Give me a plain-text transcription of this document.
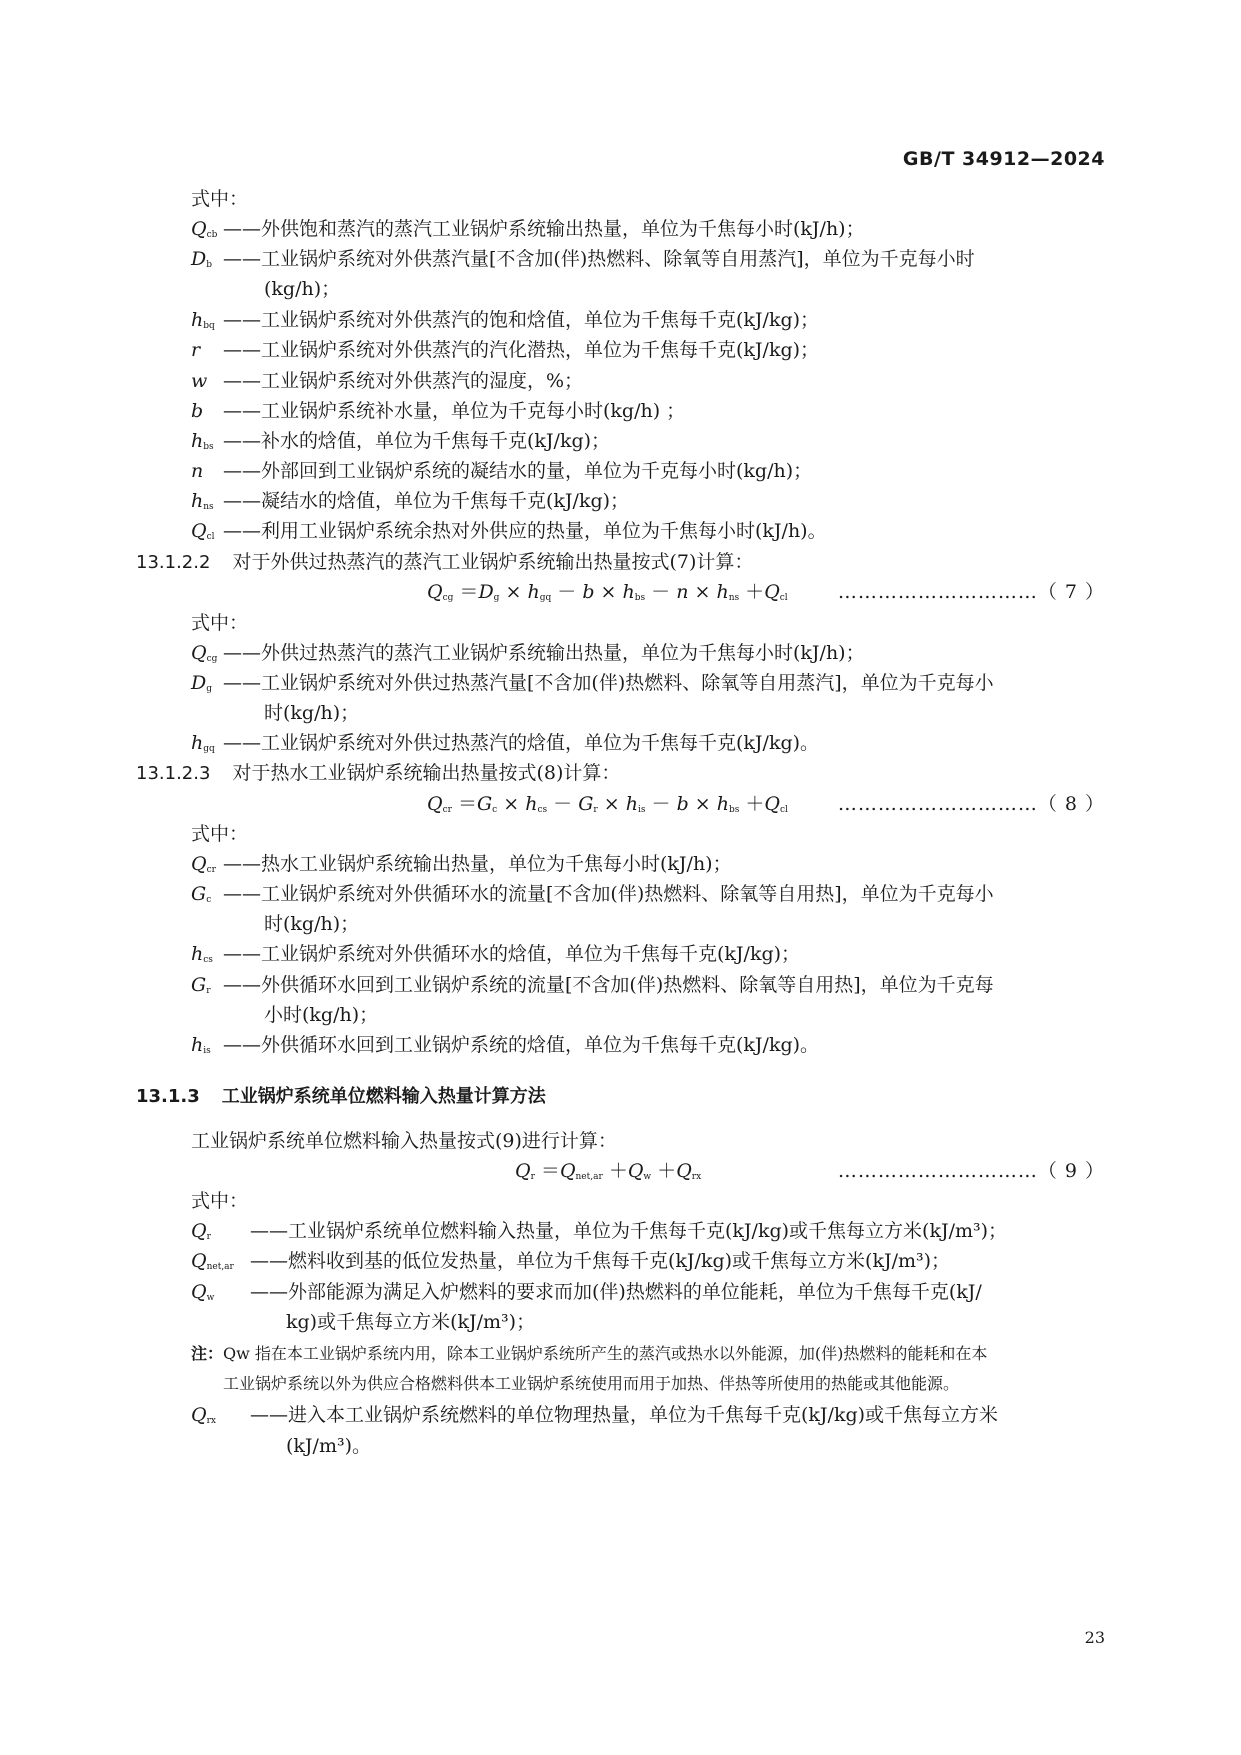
GB/T 34912—2024
式中：
$Q_{cb}$ ——外供饱和蒸汽的蒸汽工业锅炉系统输出热量，单位为千焦每小时(kJ/h)；
$D_b$ ——工业锅炉系统对外供蒸汽量[不含加(伴)热燃料、除氧等自用蒸汽]，单位为千克每小时
(kg/h)；
$h_{bq}$ ——工业锅炉系统对外供蒸汽的饱和焓值，单位为千焦每千克(kJ/kg)；
r ——工业锅炉系统对外供蒸汽的汽化潜热，单位为千焦每千克(kJ/kg)；
w ——工业锅炉系统对外供蒸汽的湿度，%；
b ——工业锅炉系统补水量，单位为千克每小时(kg/h) ；
$h_{bs}$ ——补水的焓值，单位为千焦每千克(kJ/kg)；
n ——外部回到工业锅炉系统的凝结水的量，单位为千克每小时(kg/h)；
$h_{ns}$ ——凝结水的焓值，单位为千焦每千克(kJ/kg)；
$Q_{cl}$ ——利用工业锅炉系统余热对外供应的热量，单位为千焦每小时(kJ/h)。
13.1.2.2 对于外供过热蒸汽的蒸汽工业锅炉系统输出热量按式(7)计算：
$Q_{cg} =D_g \times h_{gq} - b \times h_{bs} - n \times h_{ns} +Q_{cl}$	…………………………（ 7 ）
式中：
$Q_{cg}$ ——外供过热蒸汽的蒸汽工业锅炉系统输出热量，单位为千焦每小时(kJ/h)；
$D_g$ ——工业锅炉系统对外供过热蒸汽量[不含加(伴)热燃料、除氧等自用蒸汽]，单位为千克每小
时(kg/h)；
$h_{gq}$ ——工业锅炉系统对外供过热蒸汽的焓值，单位为千焦每千克(kJ/kg)。
13.1.2.3 对于热水工业锅炉系统输出热量按式(8)计算：
$Q_{cr} =G_c \times h_{cs} - G_r \times h_{is} - b \times h_{bs} +Q_{cl}$	…………………………（ 8 ）
式中：
$Q_{cr}$ ——热水工业锅炉系统输出热量，单位为千焦每小时(kJ/h)；
$G_c$ ——工业锅炉系统对外供循环水的流量[不含加(伴)热燃料、除氧等自用热]，单位为千克每小
时(kg/h)；
$h_{cs}$ ——工业锅炉系统对外供循环水的焓值，单位为千焦每千克(kJ/kg)；
$G_r$ ——外供循环水回到工业锅炉系统的流量[不含加(伴)热燃料、除氧等自用热]，单位为千克每
小时(kg/h)；
$h_{is}$ ——外供循环水回到工业锅炉系统的焓值，单位为千焦每千克(kJ/kg)。
13.1.3 工业锅炉系统单位燃料输入热量计算方法
工业锅炉系统单位燃料输入热量按式(9)进行计算：
$Q_r =Q_{net,ar} +Q_w +Q_{rx}$	…………………………（ 9 ）
式中：
$Q_r$ ——工业锅炉系统单位燃料输入热量，单位为千焦每千克(kJ/kg)或千焦每立方米(kJ/m³)；
$Q_{net,ar}$ ——燃料收到基的低位发热量，单位为千焦每千克(kJ/kg)或千焦每立方米(kJ/m³)；
$Q_w$ ——外部能源为满足入炉燃料的要求而加(伴)热燃料的单位能耗，单位为千焦每千克(kJ/
kg)或千焦每立方米(kJ/m³)；
注：Qw 指在本工业锅炉系统内用，除本工业锅炉系统所产生的蒸汽或热水以外能源，加(伴)热燃料的能耗和在本
工业锅炉系统以外为供应合格燃料供本工业锅炉系统使用而用于加热、伴热等所使用的热能或其他能源。
$Q_{rx}$ ——进入本工业锅炉系统燃料的单位物理热量，单位为千焦每千克(kJ/kg)或千焦每立方米
(kJ/m³)。
23
